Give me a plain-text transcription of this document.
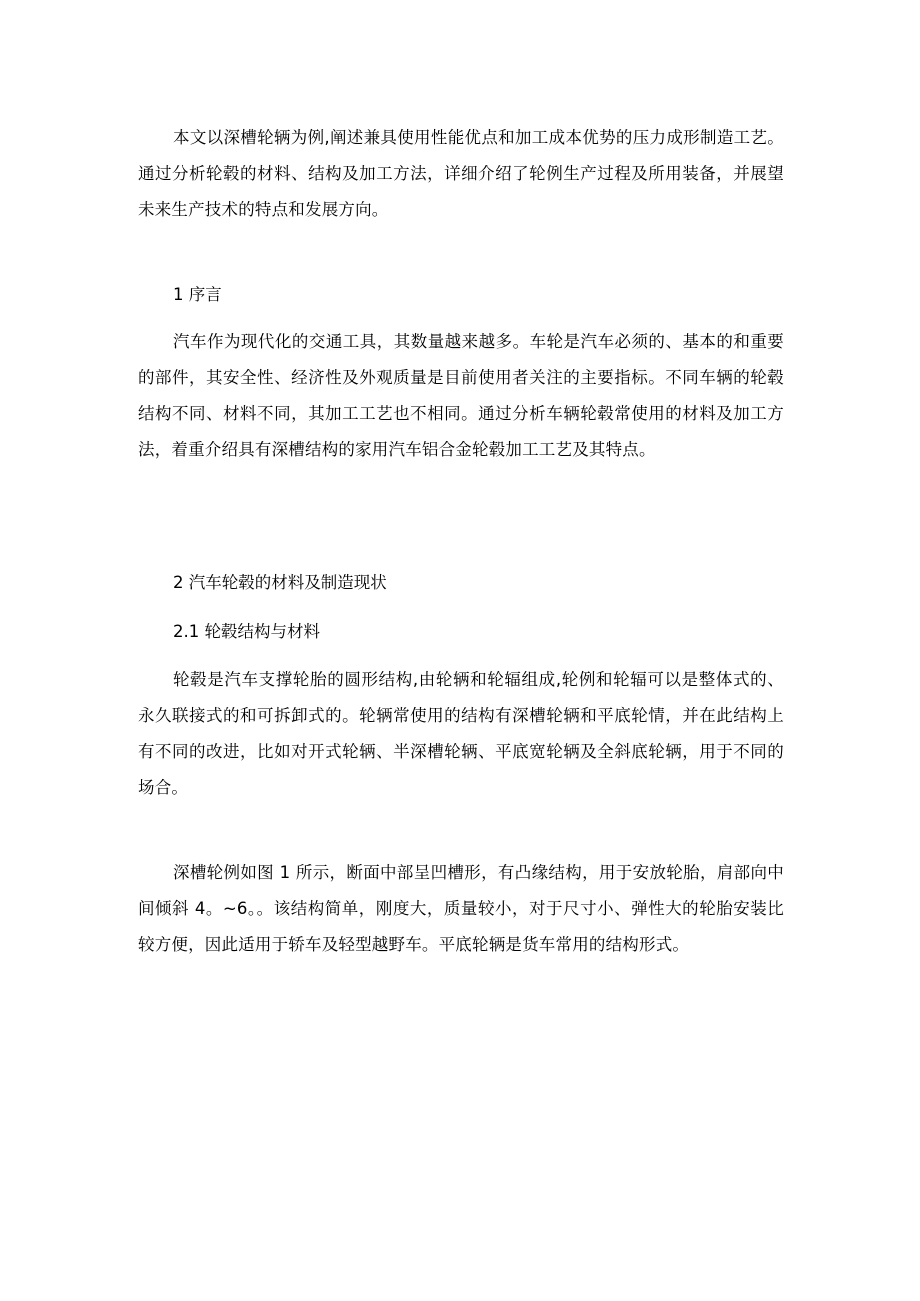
本文以深槽轮辆为例,阐述兼具使用性能优点和加工成本优势的压力成形制造工艺。通过分析轮毂的材料、结构及加工方法，详细介绍了轮例生产过程及所用装备，并展望未来生产技术的特点和发展方向。

1 序言

汽车作为现代化的交通工具，其数量越来越多。车轮是汽车必须的、基本的和重要的部件，其安全性、经济性及外观质量是目前使用者关注的主要指标。不同车辆的轮毂结构不同、材料不同，其加工工艺也不相同。通过分析车辆轮毂常使用的材料及加工方法，着重介绍具有深槽结构的家用汽车铝合金轮毂加工工艺及其特点。

2 汽车轮毂的材料及制造现状

2.1 轮毂结构与材料

轮毂是汽车支撑轮胎的圆形结构,由轮辆和轮辐组成,轮例和轮辐可以是整体式的、永久联接式的和可拆卸式的。轮辆常使用的结构有深槽轮辆和平底轮情，并在此结构上有不同的改进，比如对开式轮辆、半深槽轮辆、平底宽轮辆及全斜底轮辆，用于不同的场合。

深槽轮例如图 1 所示，断面中部呈凹槽形，有凸缘结构，用于安放轮胎，肩部向中间倾斜 4。~6。。该结构简单，刚度大，质量较小，对于尺寸小、弹性大的轮胎安装比较方便，因此适用于轿车及轻型越野车。平底轮辆是货车常用的结构形式。
